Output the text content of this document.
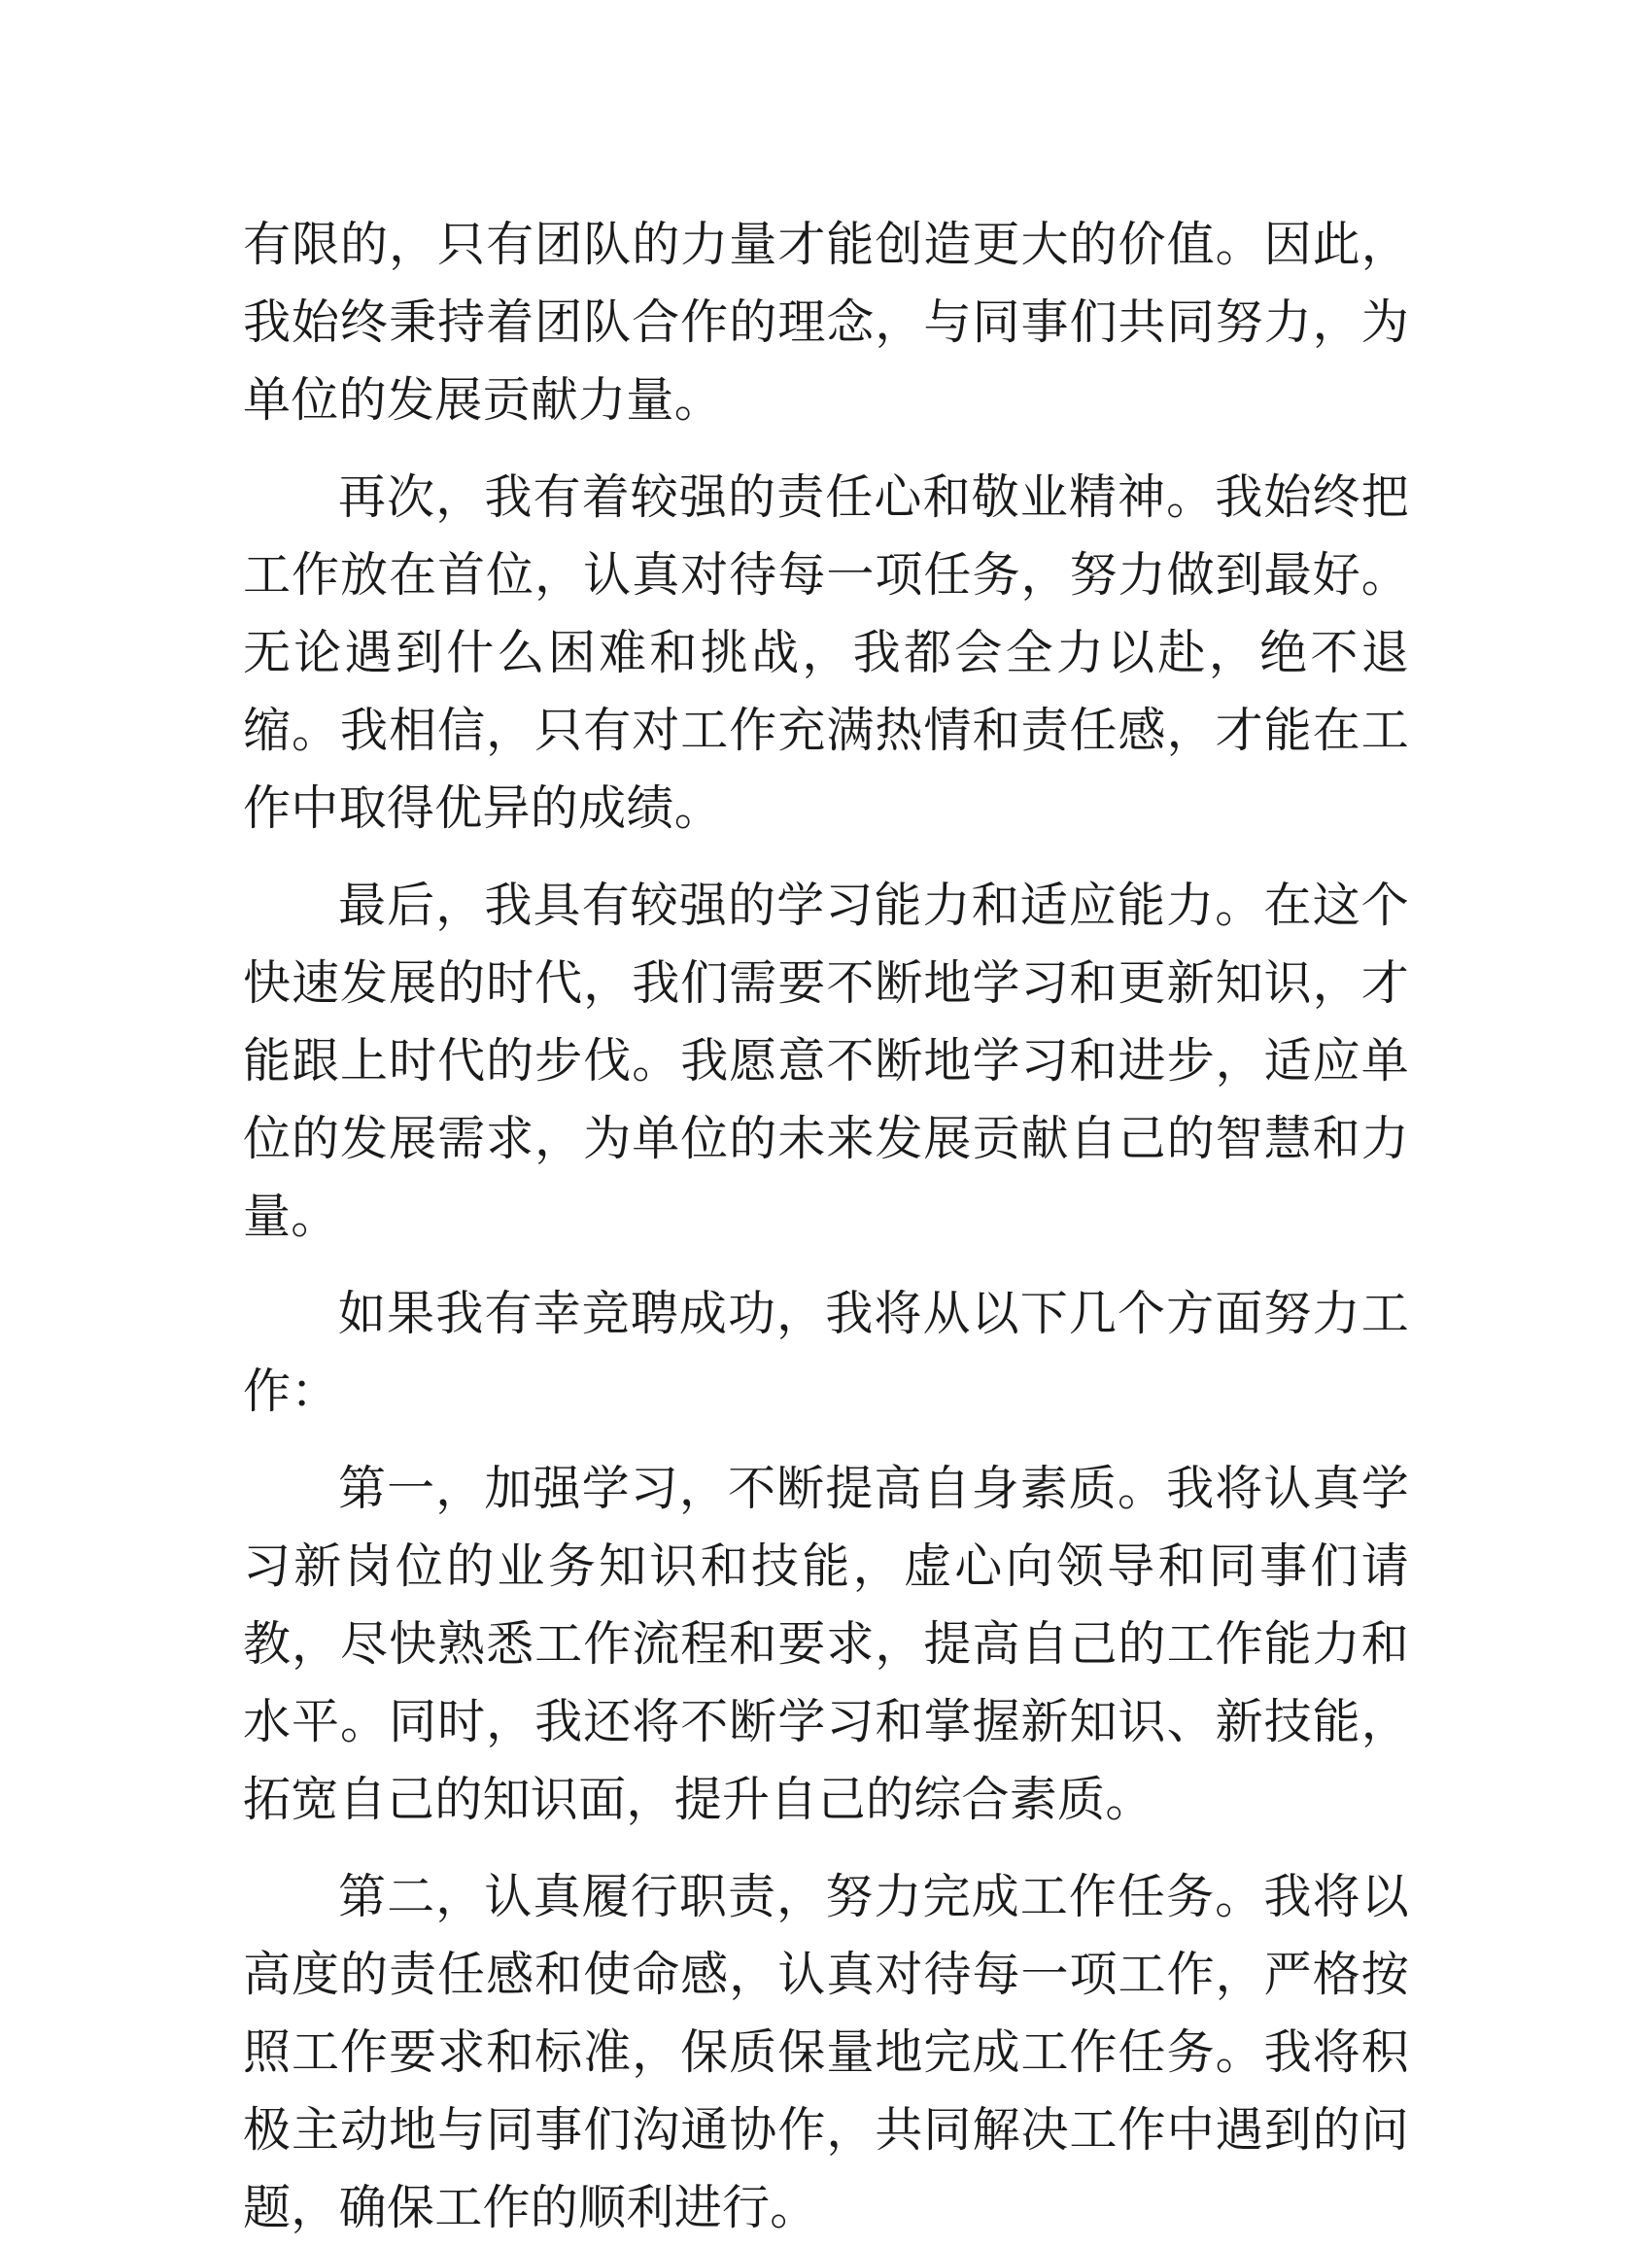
有限的，只有团队的力量才能创造更大的价值。因此，我始终秉持着团队合作的理念，与同事们共同努力，为单位的发展贡献力量。

再次，我有着较强的责任心和敬业精神。我始终把工作放在首位，认真对待每一项任务，努力做到最好。无论遇到什么困难和挑战，我都会全力以赴，绝不退缩。我相信，只有对工作充满热情和责任感，才能在工作中取得优异的成绩。

最后，我具有较强的学习能力和适应能力。在这个快速发展的时代，我们需要不断地学习和更新知识，才能跟上时代的步伐。我愿意不断地学习和进步，适应单位的发展需求，为单位的未来发展贡献自己的智慧和力量。

如果我有幸竞聘成功，我将从以下几个方面努力工作：

第一，加强学习，不断提高自身素质。我将认真学习新岗位的业务知识和技能，虚心向领导和同事们请教，尽快熟悉工作流程和要求，提高自己的工作能力和水平。同时，我还将不断学习和掌握新知识、新技能，拓宽自己的知识面，提升自己的综合素质。

第二，认真履行职责，努力完成工作任务。我将以高度的责任感和使命感，认真对待每一项工作，严格按照工作要求和标准，保质保量地完成工作任务。我将积极主动地与同事们沟通协作，共同解决工作中遇到的问题，确保工作的顺利进行。
